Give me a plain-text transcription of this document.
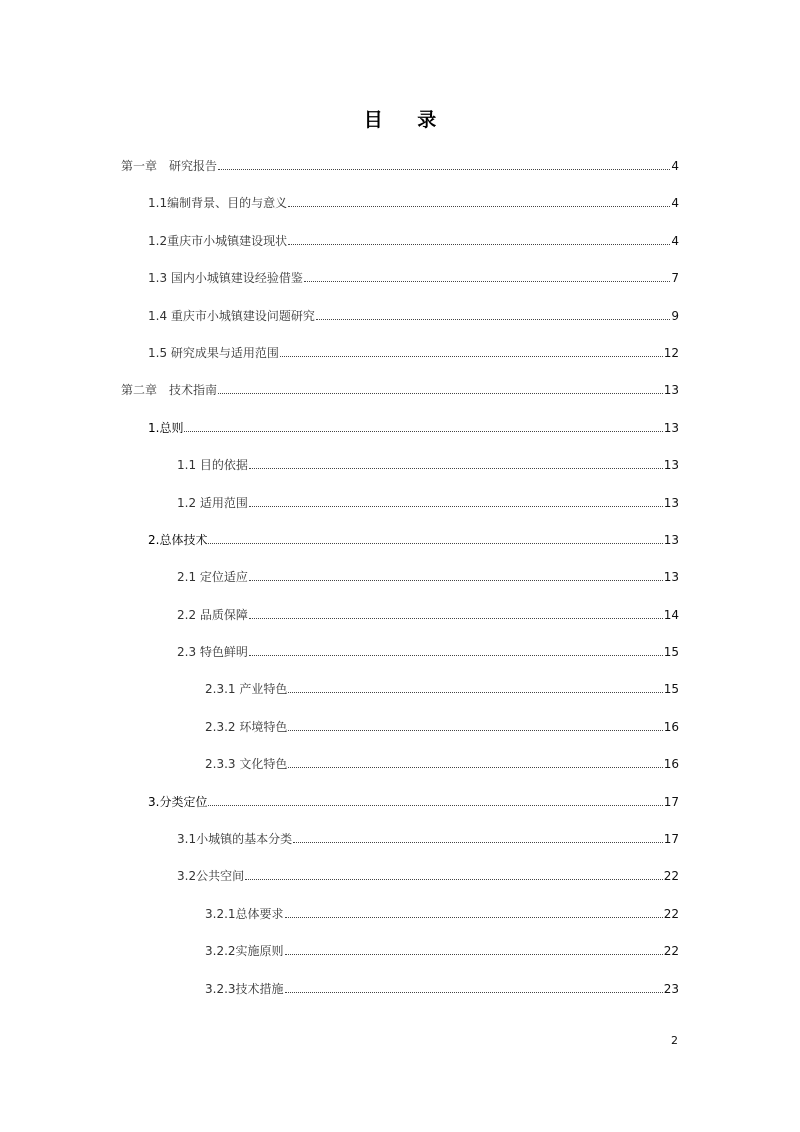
目 录
第一章　研究报告	4
1.1编制背景、目的与意义	4
1.2重庆市小城镇建设现状	4
1.3 国内小城镇建设经验借鉴	7
1.4 重庆市小城镇建设问题研究	9
1.5 研究成果与适用范围	12
第二章　技术指南	13
1.总则	13
1.1 目的依据	13
1.2 适用范围	13
2.总体技术	13
2.1 定位适应	13
2.2 品质保障	14
2.3 特色鲜明	15
2.3.1 产业特色	15
2.3.2 环境特色	16
2.3.3 文化特色	16
3.分类定位	17
3.1小城镇的基本分类	17
3.2公共空间	22
3.2.1总体要求	22
3.2.2实施原则	22
3.2.3技术措施	23
2
